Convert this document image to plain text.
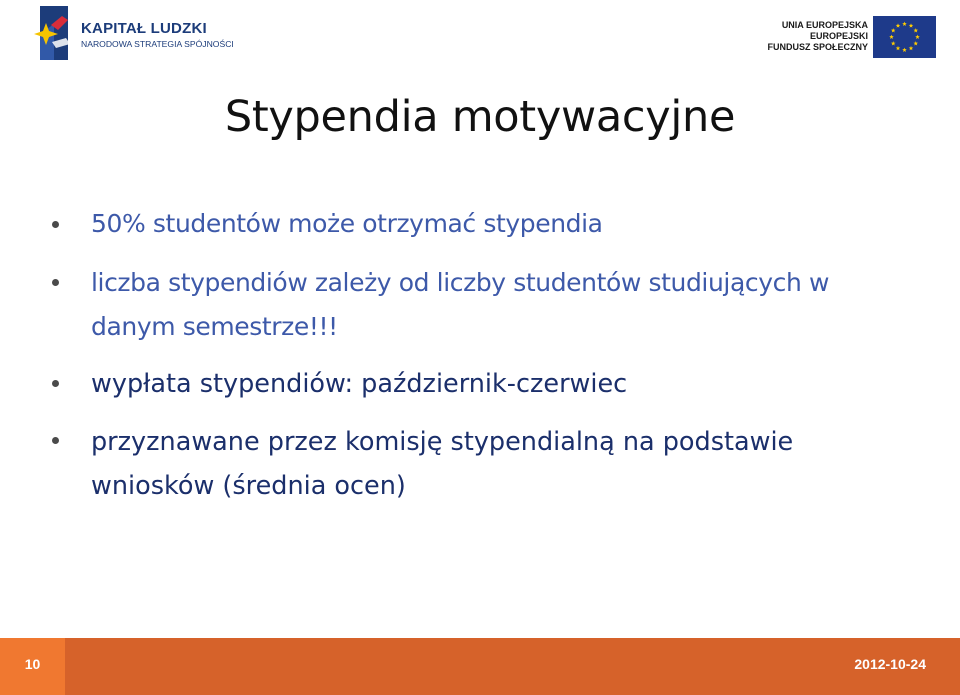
KAPITAŁ LUDZKI
NARODOWA STRATEGIA SPÓJNOŚCI
UNIA EUROPEJSKA
EUROPEJSKI
FUNDUSZ SPOŁECZNY
Stypendia motywacyjne
50% studentów może otrzymać stypendia
liczba stypendiów zależy od liczby studentów studiujących w danym semestrze!!!
wypłata stypendiów: październik-czerwiec
przyznawane przez komisję stypendialną na podstawie wniosków (średnia ocen)
10	2012-10-24
